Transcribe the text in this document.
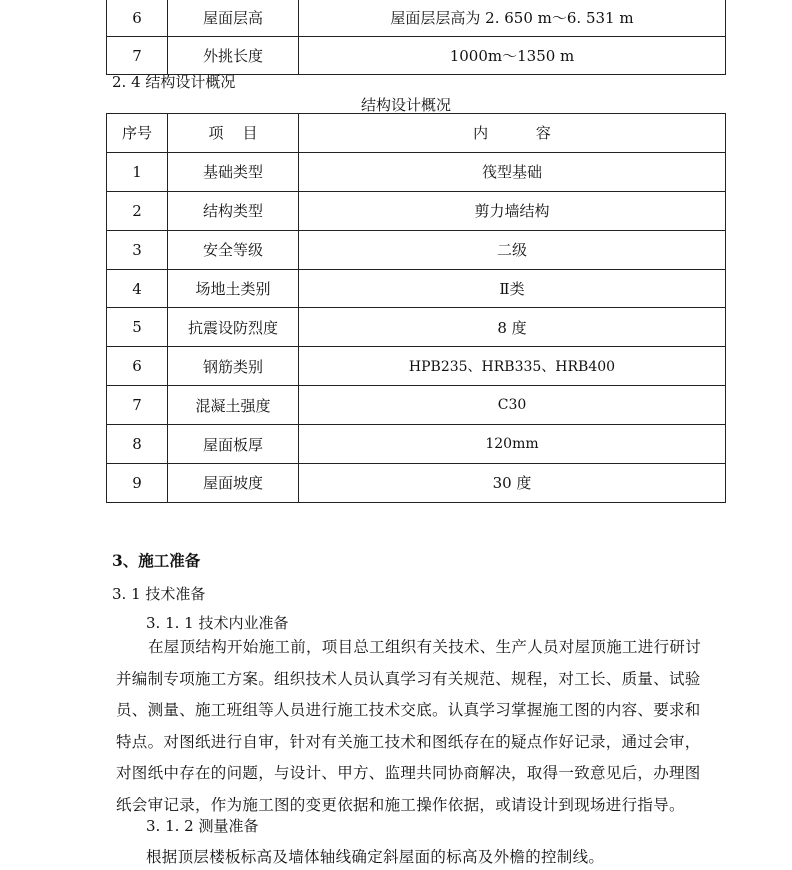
6	屋面层高	屋面层层高为 2. 650 m～6. 531 m
7	外挑长度	1000m～1350 m
2. 4 结构设计概况
结构设计概况
序号	项    目	内          容
1	基础类型	筏型基础
2	结构类型	剪力墙结构
3	安全等级	二级
4	场地土类别	Ⅱ类
5	抗震设防烈度	8 度
6	钢筋类别	HPB235、HRB335、HRB400
7	混凝土强度	C30
8	屋面板厚	120mm
9	屋面坡度	30 度
3、施工准备
3. 1 技术准备
3. 1. 1 技术内业准备
在屋顶结构开始施工前，项目总工组织有关技术、生产人员对屋顶施工进行研讨
并编制专项施工方案。组织技术人员认真学习有关规范、规程，对工长、质量、试验
员、测量、施工班组等人员进行施工技术交底。认真学习掌握施工图的内容、要求和
特点。对图纸进行自审，针对有关施工技术和图纸存在的疑点作好记录，通过会审，
对图纸中存在的问题，与设计、甲方、监理共同协商解决，取得一致意见后，办理图
纸会审记录，作为施工图的变更依据和施工操作依据，或请设计到现场进行指导。
3. 1. 2 测量准备
根据顶层楼板标高及墙体轴线确定斜屋面的标高及外檐的控制线。
